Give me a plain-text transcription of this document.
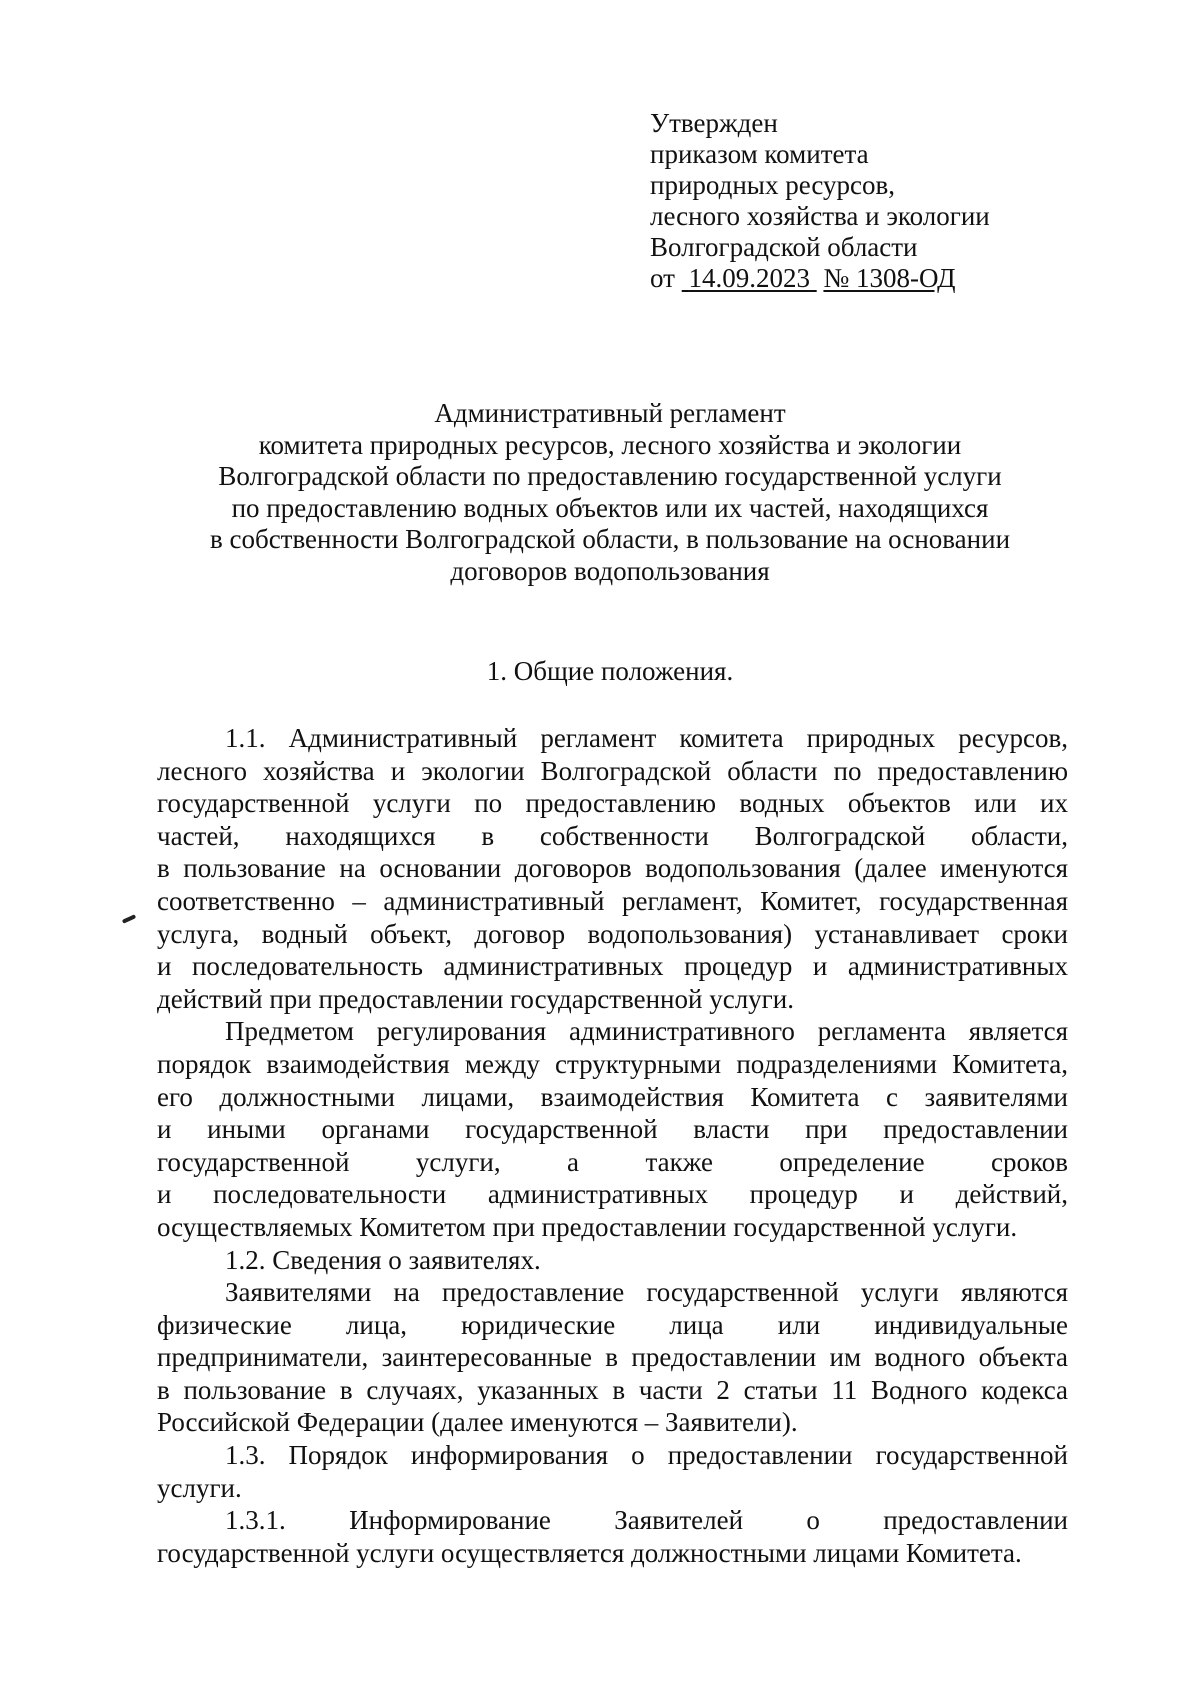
Утвержден
приказом комитета
природных ресурсов,
лесного хозяйства и экологии
Волгоградской области
от 14.09.2023 № 1308-ОД
Административный регламент
комитета природных ресурсов, лесного хозяйства и экологии
Волгоградской области по предоставлению государственной услуги
по предоставлению водных объектов или их частей, находящихся
в собственности Волгоградской области, в пользование на основании
договоров водопользования
1. Общие положения.
1.1. Административный регламент комитета природных ресурсов,
лесного хозяйства и экологии Волгоградской области по предоставлению
государственной услуги по предоставлению водных объектов или их
частей, находящихся в собственности Волгоградской области,
в пользование на основании договоров водопользования (далее именуются
соответственно – административный регламент, Комитет, государственная
услуга, водный объект, договор водопользования) устанавливает сроки
и последовательность административных процедур и административных
действий при предоставлении государственной услуги.
Предметом регулирования административного регламента является
порядок взаимодействия между структурными подразделениями Комитета,
его должностными лицами, взаимодействия Комитета с заявителями
и иными органами государственной власти при предоставлении
государственной услуги, а также определение сроков
и последовательности административных процедур и действий,
осуществляемых Комитетом при предоставлении государственной услуги.
1.2. Сведения о заявителях.
Заявителями на предоставление государственной услуги являются
физические лица, юридические лица или индивидуальные
предприниматели, заинтересованные в предоставлении им водного объекта
в пользование в случаях, указанных в части 2 статьи 11 Водного кодекса
Российской Федерации (далее именуются – Заявители).
1.3. Порядок информирования о предоставлении государственной
услуги.
1.3.1. Информирование Заявителей о предоставлении
государственной услуги осуществляется должностными лицами Комитета.
